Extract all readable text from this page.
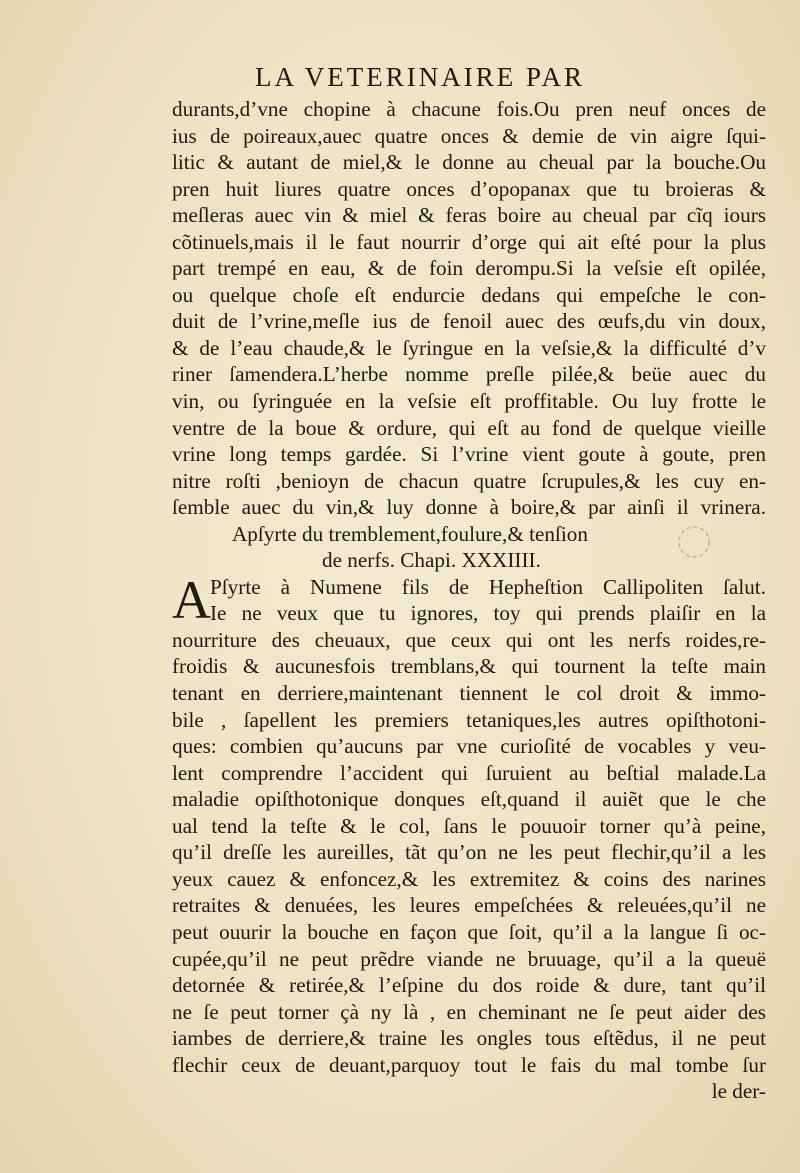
LA VETERINAIRE PAR
durants,d’vne chopine à chacune fois.Ou pren neuf onces de
ius de poireaux,auec quatre onces & demie de vin aigre ſqui-
litic & autant de miel,& le donne au cheual par la bouche.Ou
pren huit liures quatre onces d’opopanax que tu broieras &
meſleras auec vin & miel & feras boire au cheual par cĩq iours
cõtinuels,mais il le faut nourrir d’orge qui ait eſté pour la plus
part trempé en eau, & de foin derompu.Si la veſsie eſt opilée,
ou quelque choſe eſt endurcie dedans qui empeſche le con-
duit de l’vrine,meſle ius de fenoil auec des œufs,du vin doux,
& de l’eau chaude,& le ſyringue en la veſsie,& la difficulté d’v
riner ſamendera.L’herbe nomme preſle pilée,& beüe auec du
vin, ou ſyringuée en la veſsie eſt proffitable. Ou luy frotte le
ventre de la boue & ordure, qui eſt au fond de quelque vieille
vrine long temps gardée. Si l’vrine vient goute à goute, pren
nitre roſti ,benioyn de chacun quatre ſcrupules,& les cuy en-
ſemble auec du vin,& luy donne à boire,& par ainſi il vrinera.
Apſyrte du tremblement,foulure,& tenſion
de nerfs. Chapi. XXXIIII.
A Pſyrte à Numene fils de Hepheſtion Callipoliten ſalut.
Ie ne veux que tu ignores, toy qui prends plaiſir en la
nourriture des cheuaux, que ceux qui ont les nerfs roides,re-
froidis & aucunesfois tremblans,& qui tournent la teſte main
tenant en derriere,maintenant tiennent le col droit & immo-
bile , ſapellent les premiers tetaniques,les autres opiſthotoni-
ques: combien qu’aucuns par vne curioſité de vocables y veu-
lent comprendre l’accident qui ſuruient au beſtial malade.La
maladie opiſthotonique donques eſt,quand il auiẽt que le che
ual tend la teſte & le col, ſans le pouuoir torner qu’à peine,
qu’il dreſſe les aureilles, tãt qu’on ne les peut flechir,qu’il a les
yeux cauez & enfoncez,& les extremitez & coins des narines
retraites & denuées, les leures empeſchées & releuées,qu’il ne
peut ouurir la bouche en façon que ſoit, qu’il a la langue ſi oc-
cupée,qu’il ne peut prẽdre viande ne bruuage, qu’il a la queuë
detornée & retirée,& l’eſpine du dos roide & dure, tant qu’il
ne ſe peut torner çà ny là , en cheminant ne ſe peut aider des
iambes de derriere,& traine les ongles tous eſtẽdus, il ne peut
flechir ceux de deuant,parquoy tout le fais du mal tombe ſur
le der-
